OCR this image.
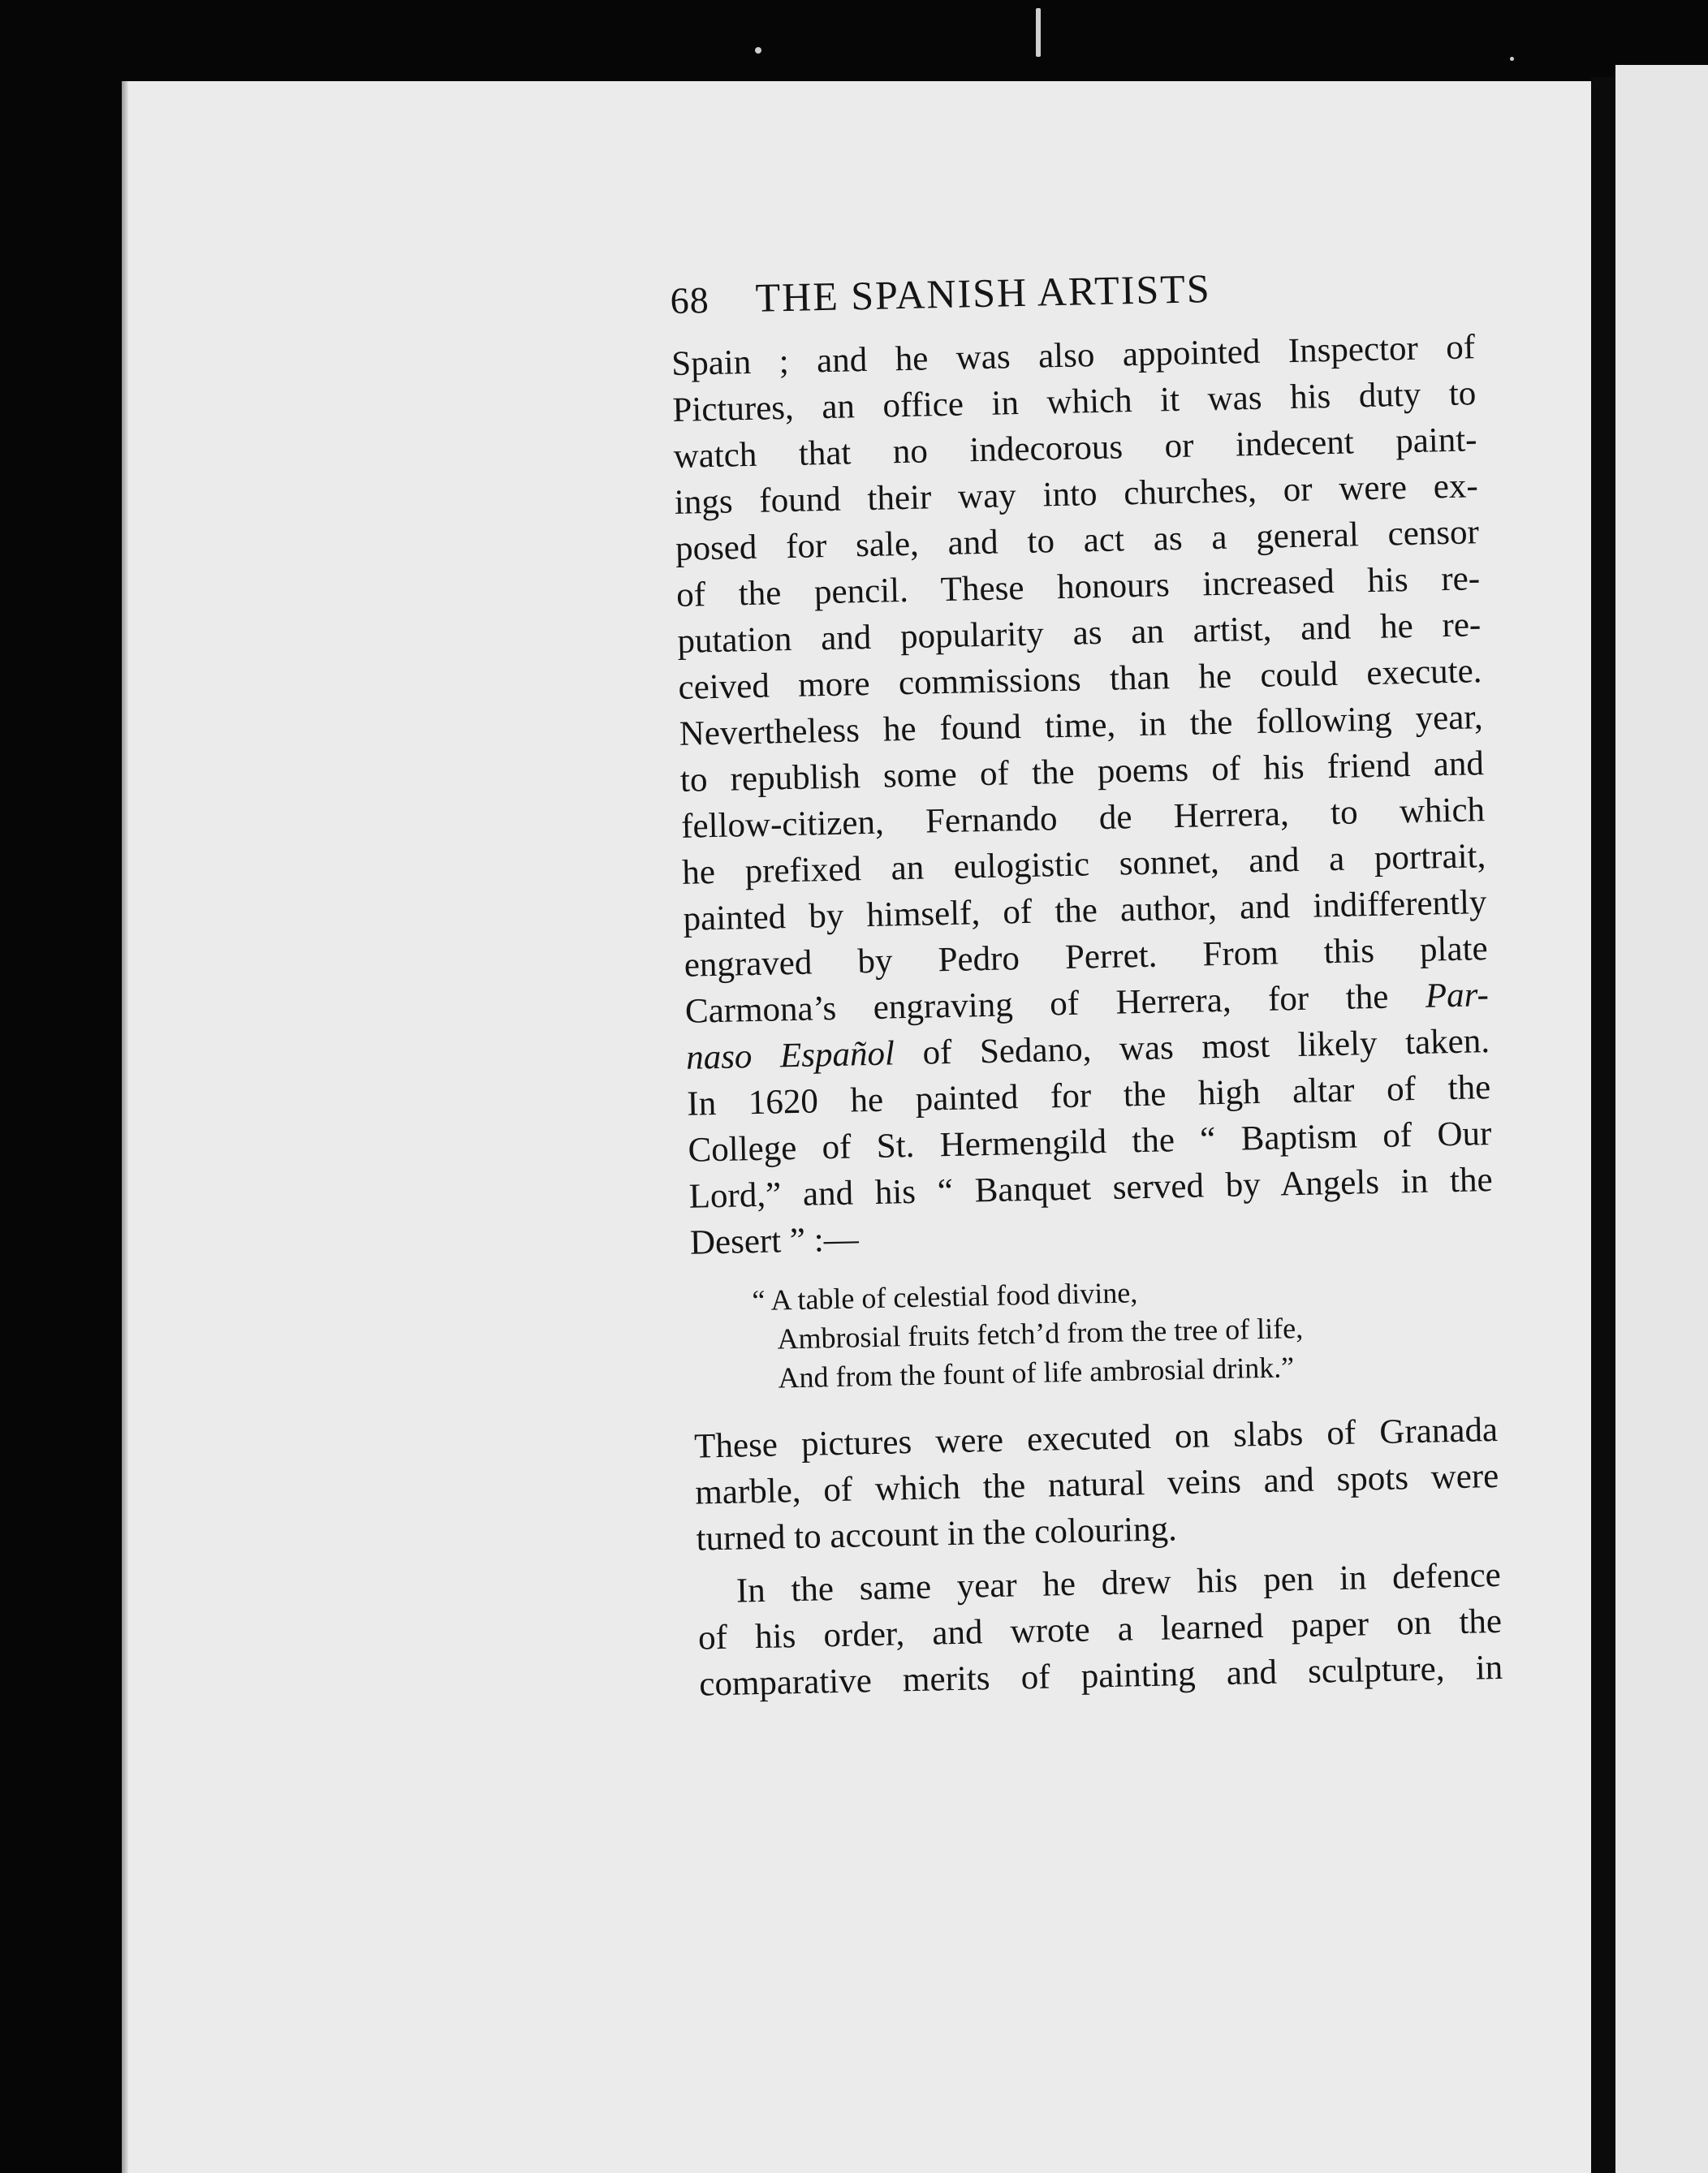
68	THE SPANISH ARTISTS
Spain ; and he was also appointed Inspector of
Pictures, an office in which it was his duty to
watch that no indecorous or indecent paint-
ings found their way into churches, or were ex-
posed for sale, and to act as a general censor
of the pencil. These honours increased his re-
putation and popularity as an artist, and he re-
ceived more commissions than he could execute.
Nevertheless he found time, in the following year,
to republish some of the poems of his friend and
fellow-citizen, Fernando de Herrera, to which
he prefixed an eulogistic sonnet, and a portrait,
painted by himself, of the author, and indifferently
engraved by Pedro Perret. From this plate
Carmona’s engraving of Herrera, for the Par-
naso Español of Sedano, was most likely taken.
In 1620 he painted for the high altar of the
College of St. Hermengild the “ Baptism of Our
Lord,” and his “ Banquet served by Angels in the
Desert ” :—
“ A table of celestial food divine,
Ambrosial fruits fetch’d from the tree of life,
And from the fount of life ambrosial drink.”
These pictures were executed on slabs of Granada
marble, of which the natural veins and spots were
turned to account in the colouring.
In the same year he drew his pen in defence
of his order, and wrote a learned paper on the
comparative merits of painting and sculpture, in
